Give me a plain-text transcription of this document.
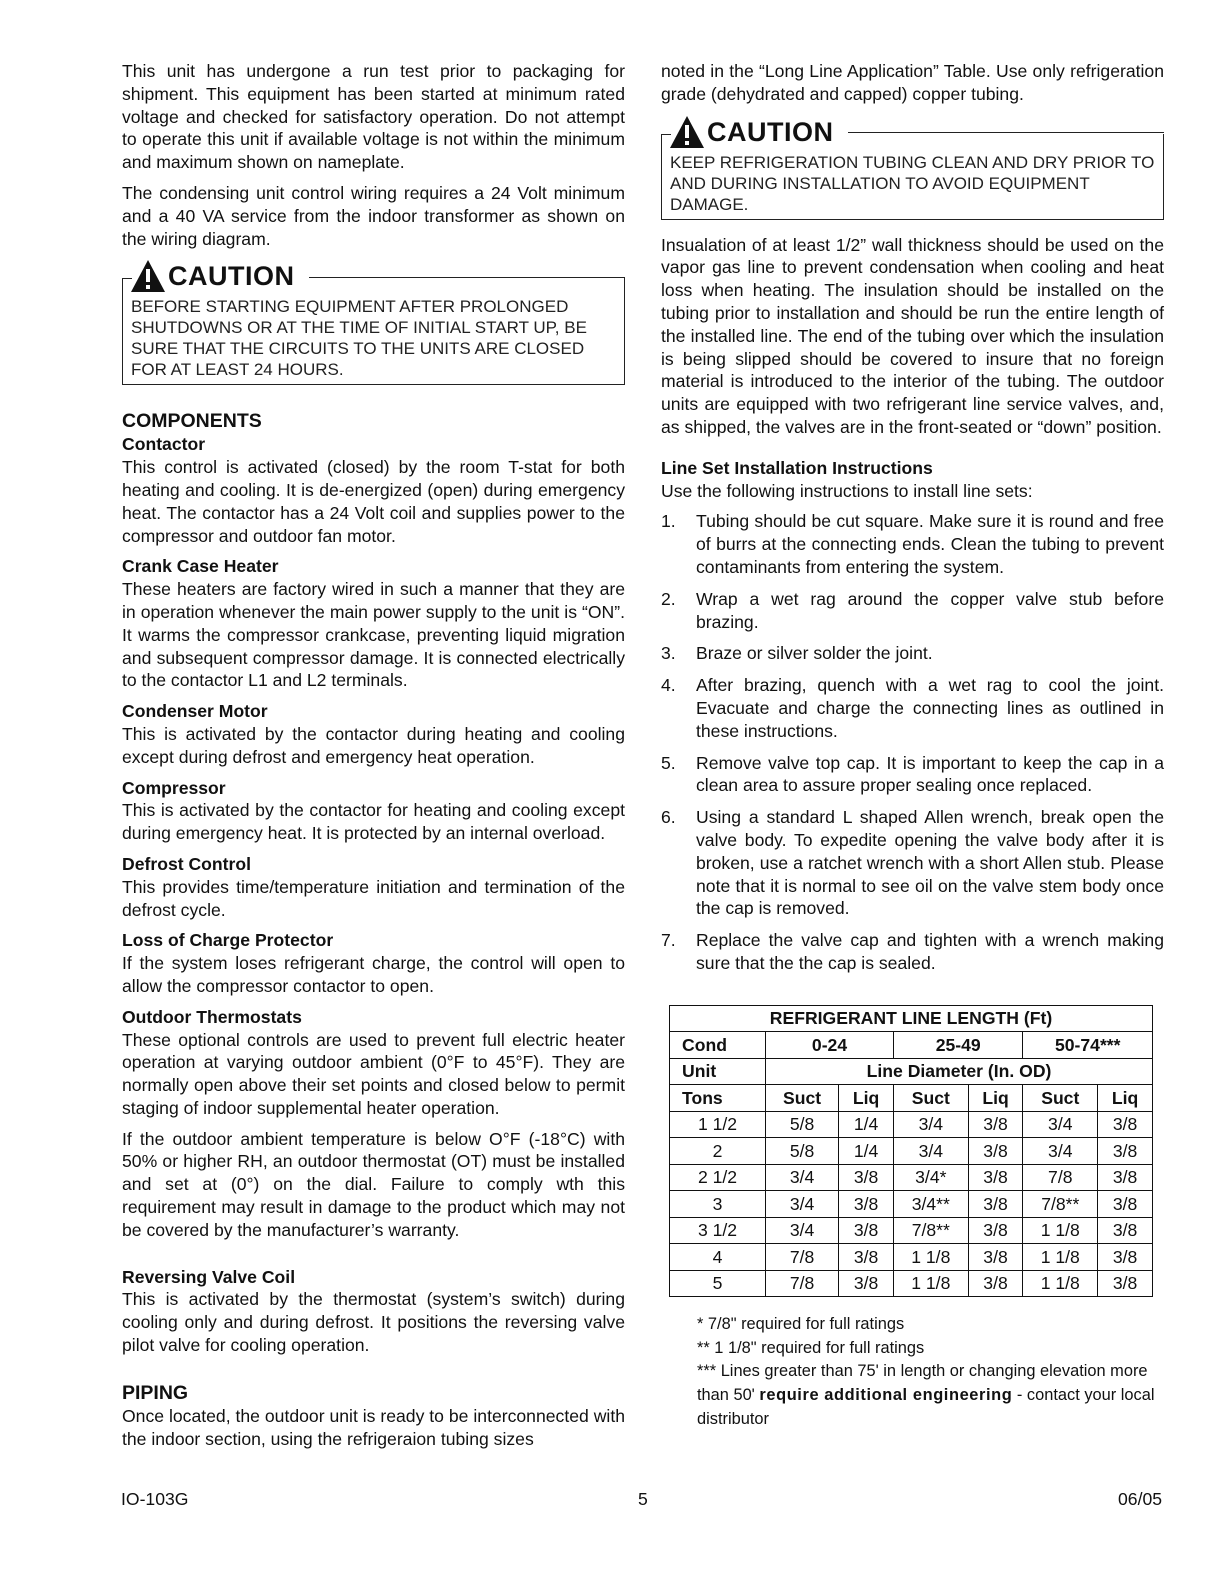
This unit has undergone a run test prior to packaging for shipment. This equipment has been started at minimum rated voltage and checked for satisfactory operation. Do not attempt to operate this unit if available voltage is not within the minimum and maximum shown on nameplate.

The condensing unit control wiring requires a 24 Volt minimum and a 40 VA service from the indoor transformer as shown on the wiring diagram.

CAUTION
BEFORE STARTING EQUIPMENT AFTER PROLONGED SHUTDOWNS OR AT THE TIME OF INITIAL START UP, BE SURE THAT THE CIRCUITS TO THE UNITS ARE CLOSED FOR AT LEAST 24 HOURS.
COMPONENTS
Contactor

This control is activated (closed) by the room T-stat for both heating and cooling. It is de-energized (open) during emergency heat. The contactor has a 24 Volt coil and supplies power to the compressor and outdoor fan motor.

Crank Case Heater

These heaters are factory wired in such a manner that they are in operation whenever the main power supply to the unit is “ON”. It warms the compressor crankcase, preventing liquid migration and subsequent compressor damage. It is connected electrically to the contactor L1 and L2 terminals.

Condenser Motor

This is activated by the contactor during heating and cooling except during defrost and emergency heat operation.

Compressor

This is activated by the contactor for heating and cooling except during emergency heat. It is protected by an internal overload.

Defrost Control

This provides time/temperature initiation and termination of the defrost cycle.

Loss of Charge Protector

If the system loses refrigerant charge, the control will open to allow the compressor contactor to open.

Outdoor Thermostats

These optional controls are used to prevent full electric heater operation at varying outdoor ambient (0°F to 45°F). They are normally open above their set points and closed below to permit staging of indoor supplemental heater operation.

If the outdoor ambient temperature is below O°F (-18°C) with 50% or higher RH, an outdoor thermostat (OT) must be installed and set at (0°) on the dial. Failure to comply wth this requirement may result in damage to the product which may not be covered by the manufacturer’s warranty.

Reversing Valve Coil

This is activated by the thermostat (system’s switch) during cooling only and during defrost. It positions the reversing valve pilot valve for cooling operation.

PIPING

Once located, the outdoor unit is ready to be interconnected with the indoor section, using the refrigeraion tubing sizes

noted in the “Long Line Application” Table. Use only refrigeration grade (dehydrated and capped) copper tubing.

CAUTION
KEEP REFRIGERATION TUBING CLEAN AND DRY PRIOR TO AND DURING INSTALLATION TO AVOID EQUIPMENT DAMAGE.

Insualation of at least 1/2” wall thickness should be used on the vapor gas line to prevent condensation when cooling and heat loss when heating. The insulation should be installed on the tubing prior to installation and should be run the entire length of the installed line. The end of the tubing over which the insulation is being slipped should be covered to insure that no foreign material is introduced to the interior of the tubing. The outdoor units are equipped with two refrigerant line service valves, and, as shipped, the valves are in the front-seated or “down” position.

Line Set Installation Instructions

Use the following instructions to install line sets:

1.	Tubing should be cut square. Make sure it is round and free of burrs at the connecting ends. Clean the tubing to prevent contaminants from entering the system.
2.	Wrap a wet rag around the copper valve stub before brazing.
3.	Braze or silver solder the joint.
4.	After brazing, quench with a wet rag to cool the joint. Evacuate and charge the connecting lines as outlined in these instructions.
5.	Remove valve top cap. It is important to keep the cap in a clean area to assure proper sealing once replaced.
6.	Using a standard L shaped Allen wrench, break open the valve body. To expedite opening the valve body after it is broken, use a ratchet wrench with a short Allen stub. Please note that it is normal to see oil on the valve stem body once the cap is removed.
7.	Replace the valve cap and tighten with a wrench making sure that the the cap is sealed.
REFRIGERANT LINE LENGTH (Ft)						
Cond	0-24		25-49		50-74***	
Unit	Line Diameter (In. OD)					
Tons	Suct	Liq	Suct	Liq	Suct	Liq
1 1/2	5/8	1/4	3/4	3/8	3/4	3/8
2	5/8	1/4	3/4	3/8	3/4	3/8
2 1/2	3/4	3/8	3/4*	3/8	7/8	3/8
3	3/4	3/8	3/4**	3/8	7/8**	3/8
3 1/2	3/4	3/8	7/8**	3/8	1 1/8	3/8
4	7/8	3/8	1 1/8	3/8	1 1/8	3/8
5	7/8	3/8	1 1/8	3/8	1 1/8	3/8
* 7/8" required for full ratings
** 1 1/8" required for full ratings
*** Lines greater than 75' in length or changing elevation more than 50' require additional engineering - contact your local distributor
IO-103G	5	06/05
